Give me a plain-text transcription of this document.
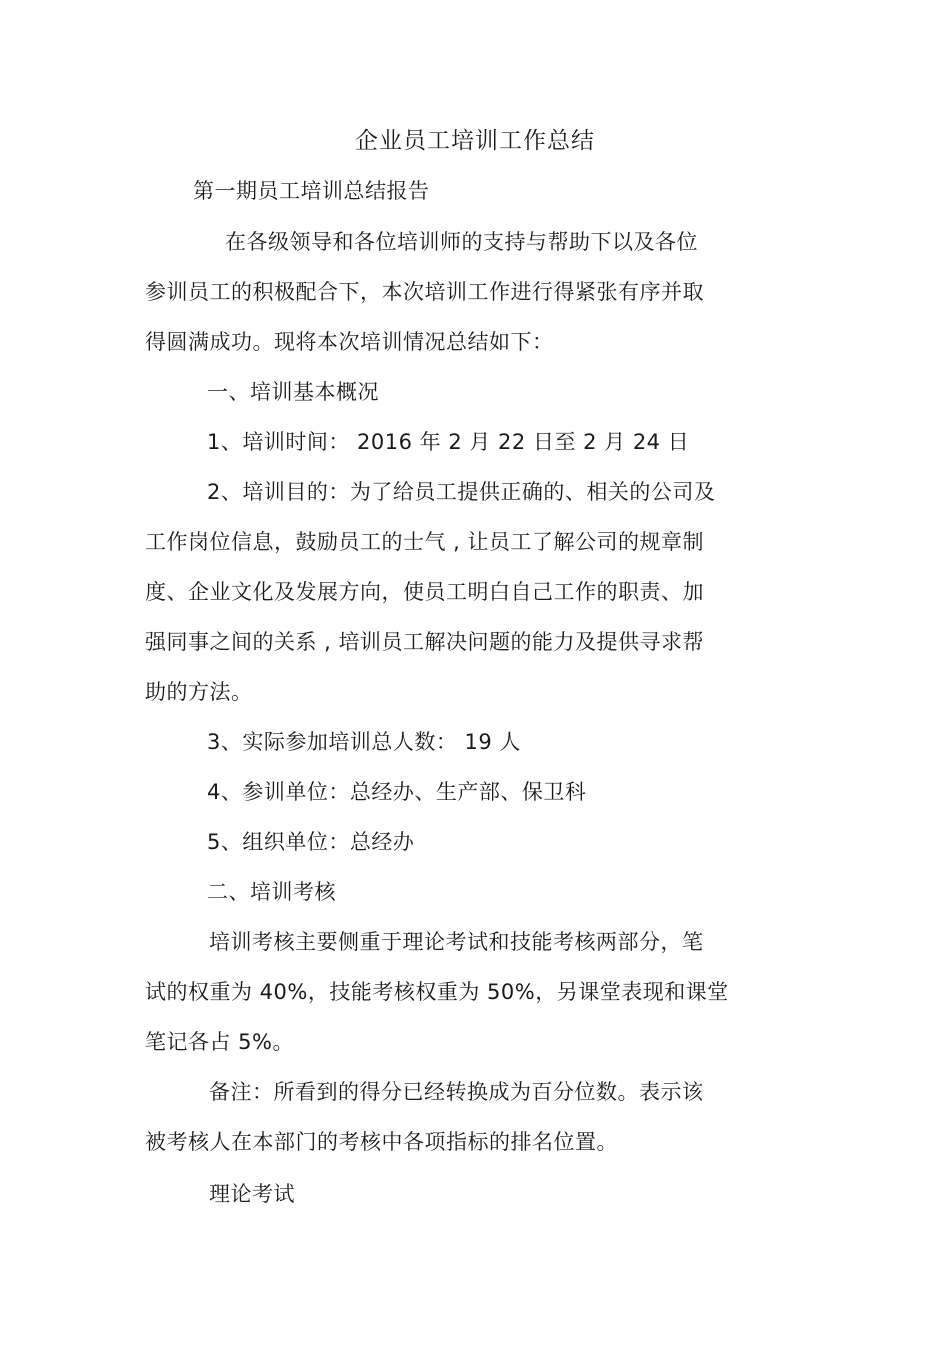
企业员工培训工作总结
第一期员工培训总结报告
在各级领导和各位培训师的支持与帮助下以及各位
参训员工的积极配合下，本次培训工作进行得紧张有序并取
得圆满成功。现将本次培训情况总结如下：
一、培训基本概况
1、培训时间： 2016 年 2 月 22 日至 2 月 24 日
2、培训目的：为了给员工提供正确的、相关的公司及
工作岗位信息，鼓励员工的士气 , 让员工了解公司的规章制
度、企业文化及发展方向，使员工明白自己工作的职责、加
强同事之间的关系 , 培训员工解决问题的能力及提供寻求帮
助的方法。
3、实际参加培训总人数： 19 人
4、参训单位：总经办、生产部、保卫科
5、组织单位：总经办
二、培训考核
培训考核主要侧重于理论考试和技能考核两部分，笔
试的权重为 40%，技能考核权重为 50%，另课堂表现和课堂
笔记各占 5%。
备注：所看到的得分已经转换成为百分位数。表示该
被考核人在本部门的考核中各项指标的排名位置。
理论考试
